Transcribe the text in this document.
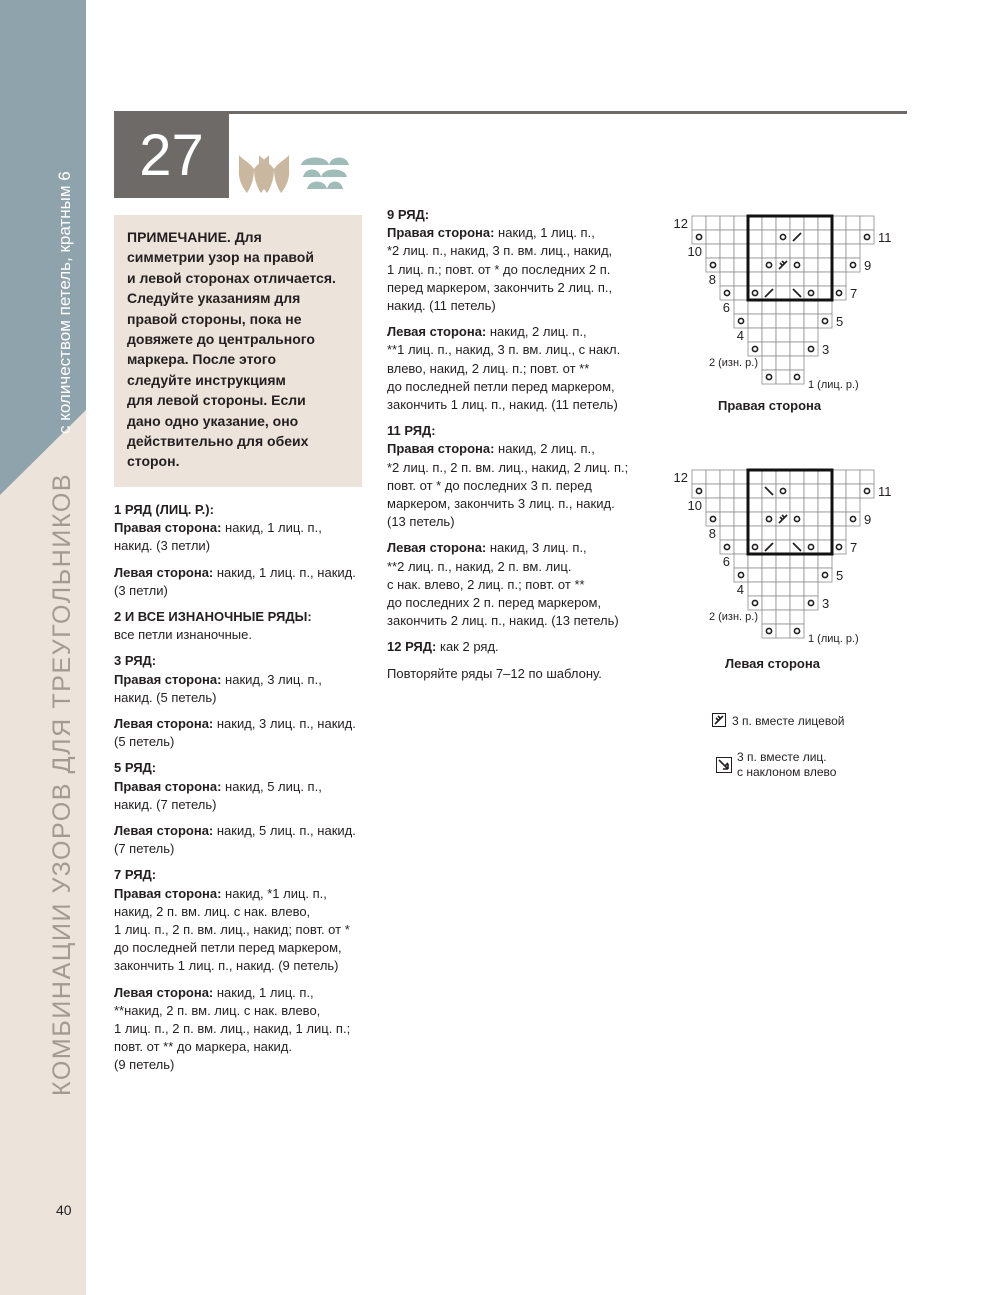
с количеством петель, кратным 6
КОМБИНАЦИИ УЗОРОВ ДЛЯ ТРЕУГОЛЬНИКОВ
40
27
ПРИМЕЧАНИЕ. Для
симметрии узор на правой
и левой сторонах отличается.
Следуйте указаниям для
правой стороны, пока не
довяжете до центрального
маркера. После этого
следуйте инструкциям
для левой стороны. Если
дано одно указание, оно
действительно для обеих
сторон.

1 РЯД (ЛИЦ. Р.):

Правая сторона: накид, 1 лиц. п.,
накид. (3 петли)

Левая сторона: накид, 1 лиц. п., накид.
(3 петли)

2 И ВСЕ ИЗНАНОЧНЫЕ РЯДЫ:

все петли изнаночные.

3 РЯД:

Правая сторона: накид, 3 лиц. п.,
накид. (5 петель)

Левая сторона: накид, 3 лиц. п., накид.
(5 петель)

5 РЯД:

Правая сторона: накид, 5 лиц. п.,
накид. (7 петель)

Левая сторона: накид, 5 лиц. п., накид.
(7 петель)

7 РЯД:

Правая сторона: накид, *1 лиц. п.,
накид, 2 п. вм. лиц. с нак. влево,
1 лиц. п., 2 п. вм. лиц., накид; повт. от *
до последней петли перед маркером,
закончить 1 лиц. п., накид. (9 петель)

Левая сторона: накид, 1 лиц. п.,
**накид, 2 п. вм. лиц. с нак. влево,
1 лиц. п., 2 п. вм. лиц., накид, 1 лиц. п.;
повт. от ** до маркера, накид.
(9 петель)

9 РЯД:

Правая сторона: накид, 1 лиц. п.,
*2 лиц. п., накид, 3 п. вм. лиц., накид,
1 лиц. п.; повт. от * до последних 2 п.
перед маркером, закончить 2 лиц. п.,
накид. (11 петель)

Левая сторона: накид, 2 лиц. п.,
**1 лиц. п., накид, 3 п. вм. лиц., с накл.
влево, накид, 2 лиц. п.; повт. от **
до последней петли перед маркером,
закончить 1 лиц. п., накид. (11 петель)

11 РЯД:

Правая сторона: накид, 2 лиц. п.,
*2 лиц. п., 2 п. вм. лиц., накид, 2 лиц. п.;
повт. от * до последних 3 п. перед
маркером, закончить 3 лиц. п., накид.
(13 петель)

Левая сторона: накид, 3 лиц. п.,
**2 лиц. п., накид, 2 п. вм. лиц.
с нак. влево, 2 лиц. п.; повт. от **
до последних 2 п. перед маркером,
закончить 2 лиц. п., накид. (13 петель)

12 РЯД: как 2 ряд.

Повторяйте ряды 7–12 по шаблону.

12
11
10
9
8
7
6
5
4
3
2 (изн. р.)
1 (лиц. р.)
Правая сторона
12
11
10
9
8
7
6
5
4
3
2 (изн. р.)
1 (лиц. р.)
Левая сторона
3 п. вместе лицевой
3 п. вместе лиц.
с наклоном влево
